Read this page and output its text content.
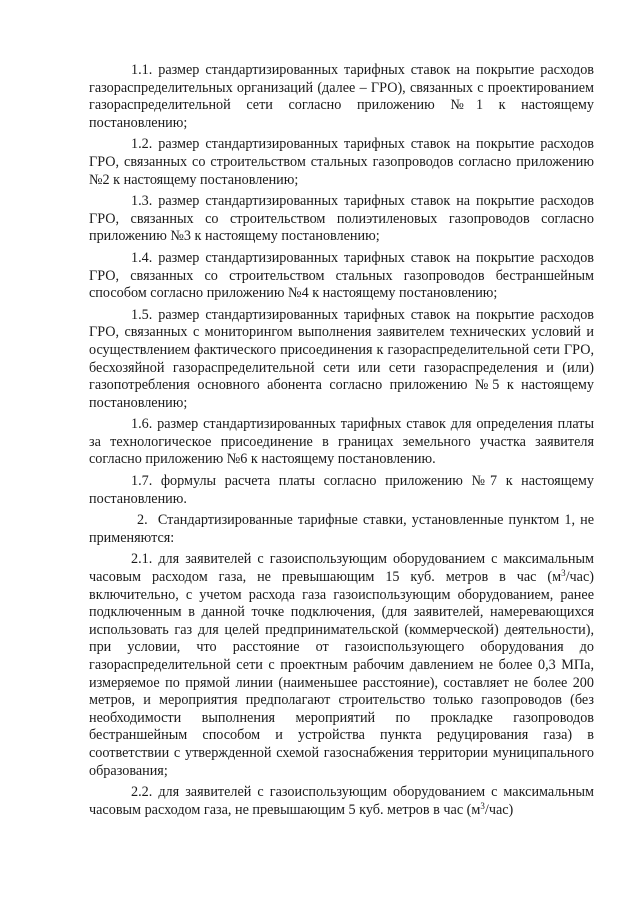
1.1. размер стандартизированных тарифных ставок на покрытие расходов газораспределительных организаций (далее – ГРО), связанных с проектированием газораспределительной сети согласно приложению №1 к настоящему постановлению;

1.2. размер стандартизированных тарифных ставок на покрытие расходов ГРО, связанных со строительством стальных газопроводов согласно приложению №2 к настоящему постановлению;

1.3. размер стандартизированных тарифных ставок на покрытие расходов ГРО, связанных со строительством полиэтиленовых газопроводов согласно приложению №3 к настоящему постановлению;

1.4. размер стандартизированных тарифных ставок на покрытие расходов ГРО, связанных со строительством стальных газопроводов бестраншейным способом согласно приложению №4 к настоящему постановлению;

1.5. размер стандартизированных тарифных ставок на покрытие расходов ГРО, связанных с мониторингом выполнения заявителем технических условий и осуществлением фактического присоединения к газораспределительной сети ГРО, бесхозяйной газораспределительной сети или сети газораспределения и (или) газопотребления основного абонента согласно приложению №5 к настоящему постановлению;

1.6. размер стандартизированных тарифных ставок для определения платы за технологическое присоединение в границах земельного участка заявителя согласно приложению №6 к настоящему постановлению.

1.7. формулы расчета платы согласно приложению №7 к настоящему постановлению.

2. Стандартизированные тарифные ставки, установленные пунктом 1, не применяются:

2.1. для заявителей с газоиспользующим оборудованием с максимальным часовым расходом газа, не превышающим 15 куб. метров в час $(м^3/час)$ включительно, с учетом расхода газа газоиспользующим оборудованием, ранее подключенным в данной точке подключения, (для заявителей, намеревающихся использовать газ для целей предпринимательской (коммерческой) деятельности), при условии, что расстояние от газоиспользующего оборудования до газораспределительной сети с проектным рабочим давлением не более 0,3 МПа, измеряемое по прямой линии (наименьшее расстояние), составляет не более 200 метров, и мероприятия предполагают строительство только газопроводов (без необходимости выполнения мероприятий по прокладке газопроводов бестраншейным способом и устройства пункта редуцирования газа) в соответствии с утвержденной схемой газоснабжения территории муниципального образования;

2.2. для заявителей с газоиспользующим оборудованием с максимальным часовым расходом газа, не превышающим 5 куб. метров в час $(м^3/час)$
